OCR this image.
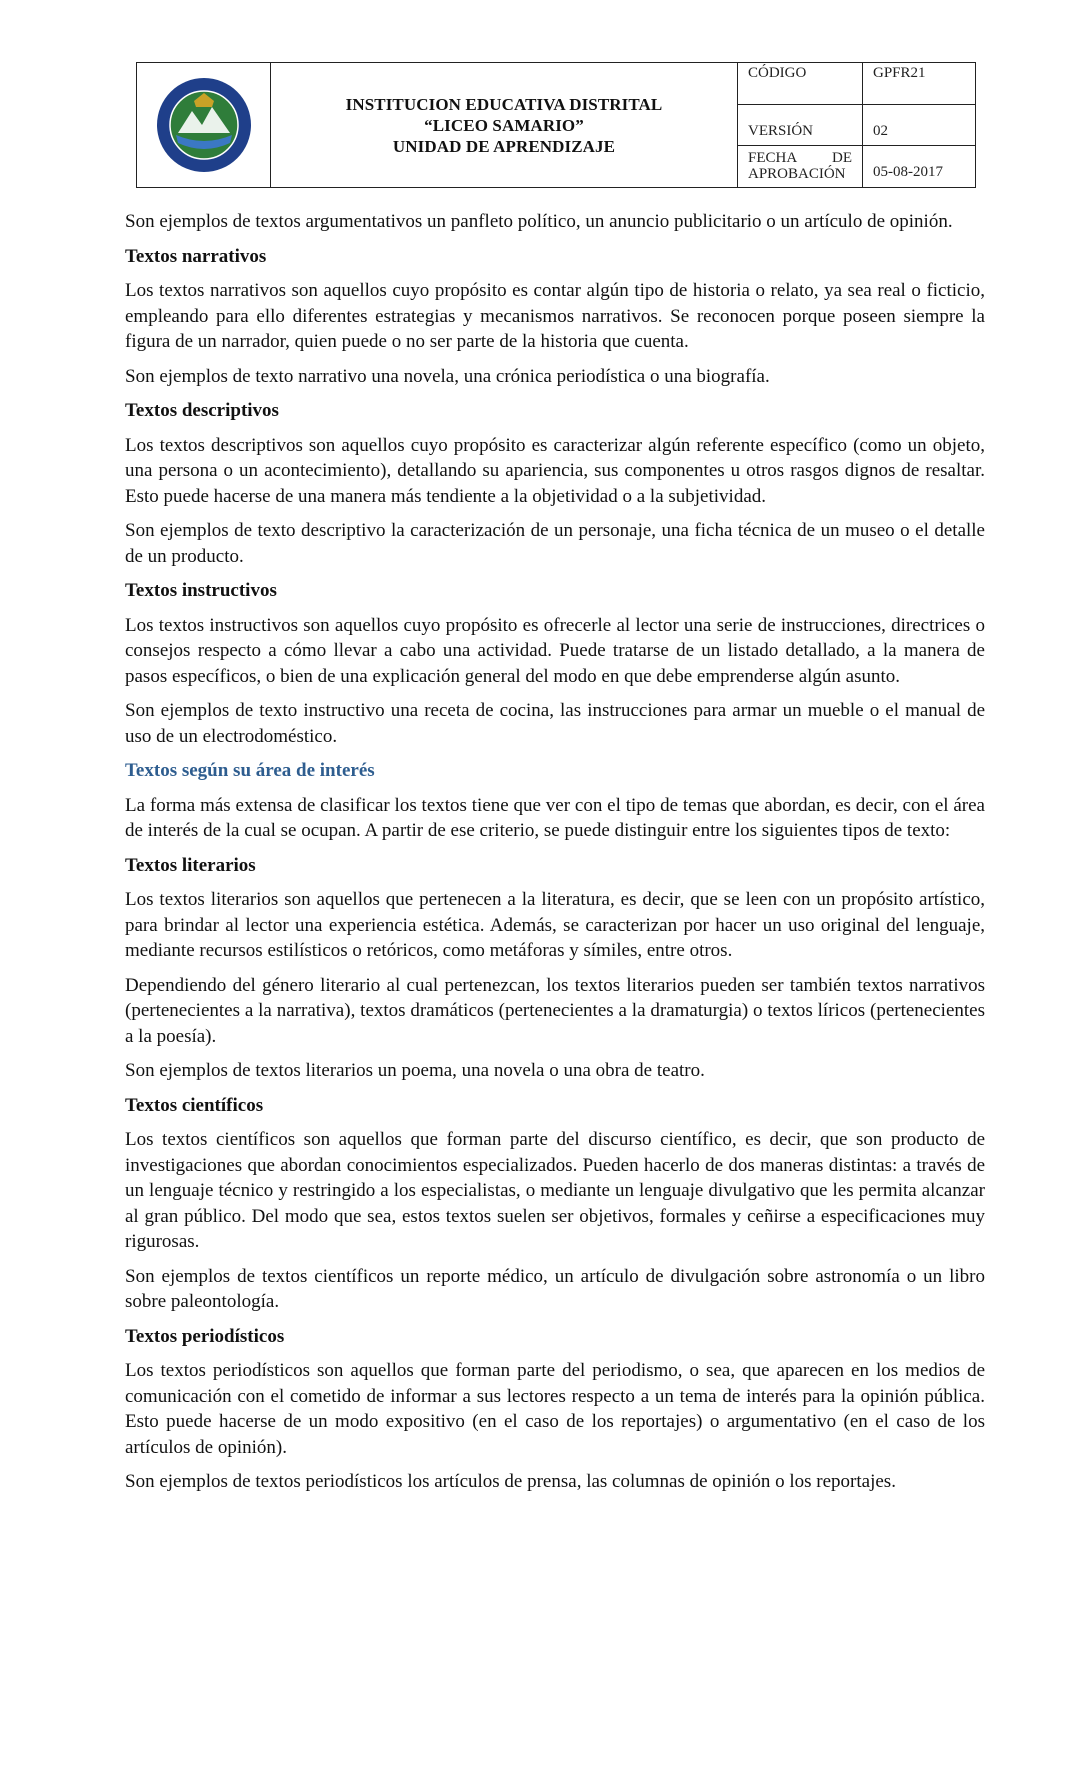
INSTITUCION EDUCATIVA DISTRITAL
“LICEO SAMARIO”
UNIDAD DE APRENDIZAJE	CÓDIGO	GPFR21

		VERSIÓN	02

		FECHA DE
APROBACIÓN	05-08-2017

Son ejemplos de textos argumentativos un panfleto político, un anuncio publicitario o un artículo de opinión.

Textos narrativos

Los textos narrativos son aquellos cuyo propósito es contar algún tipo de historia o relato, ya sea real o ficticio, empleando para ello diferentes estrategias y mecanismos narrativos. Se reconocen porque poseen siempre la figura de un narrador, quien puede o no ser parte de la historia que cuenta.

Son ejemplos de texto narrativo una novela, una crónica periodística o una biografía.

Textos descriptivos

Los textos descriptivos son aquellos cuyo propósito es caracterizar algún referente específico (como un objeto, una persona o un acontecimiento), detallando su apariencia, sus componentes u otros rasgos dignos de resaltar. Esto puede hacerse de una manera más tendiente a la objetividad o a la subjetividad.

Son ejemplos de texto descriptivo la caracterización de un personaje, una ficha técnica de un museo o el detalle de un producto.

Textos instructivos

Los textos instructivos son aquellos cuyo propósito es ofrecerle al lector una serie de instrucciones, directrices o consejos respecto a cómo llevar a cabo una actividad. Puede tratarse de un listado detallado, a la manera de pasos específicos, o bien de una explicación general del modo en que debe emprenderse algún asunto.

Son ejemplos de texto instructivo una receta de cocina, las instrucciones para armar un mueble o el manual de uso de un electrodoméstico.

Textos según su área de interés

La forma más extensa de clasificar los textos tiene que ver con el tipo de temas que abordan, es decir, con el área de interés de la cual se ocupan. A partir de ese criterio, se puede distinguir entre los siguientes tipos de texto:

Textos literarios

Los textos literarios son aquellos que pertenecen a la literatura, es decir, que se leen con un propósito artístico, para brindar al lector una experiencia estética. Además, se caracterizan por hacer un uso original del lenguaje, mediante recursos estilísticos o retóricos, como metáforas y símiles, entre otros.

Dependiendo del género literario al cual pertenezcan, los textos literarios pueden ser también textos narrativos (pertenecientes a la narrativa), textos dramáticos (pertenecientes a la dramaturgia) o textos líricos (pertenecientes a la poesía).

Son ejemplos de textos literarios un poema, una novela o una obra de teatro.

Textos científicos

Los textos científicos son aquellos que forman parte del discurso científico, es decir, que son producto de investigaciones que abordan conocimientos especializados. Pueden hacerlo de dos maneras distintas: a través de un lenguaje técnico y restringido a los especialistas, o mediante un lenguaje divulgativo que les permita alcanzar al gran público. Del modo que sea, estos textos suelen ser objetivos, formales y ceñirse a especificaciones muy rigurosas.

Son ejemplos de textos científicos un reporte médico, un artículo de divulgación sobre astronomía o un libro sobre paleontología.

Textos periodísticos

Los textos periodísticos son aquellos que forman parte del periodismo, o sea, que aparecen en los medios de comunicación con el cometido de informar a sus lectores respecto a un tema de interés para la opinión pública. Esto puede hacerse de un modo expositivo (en el caso de los reportajes) o argumentativo (en el caso de los artículos de opinión).

Son ejemplos de textos periodísticos los artículos de prensa, las columnas de opinión o los reportajes.
